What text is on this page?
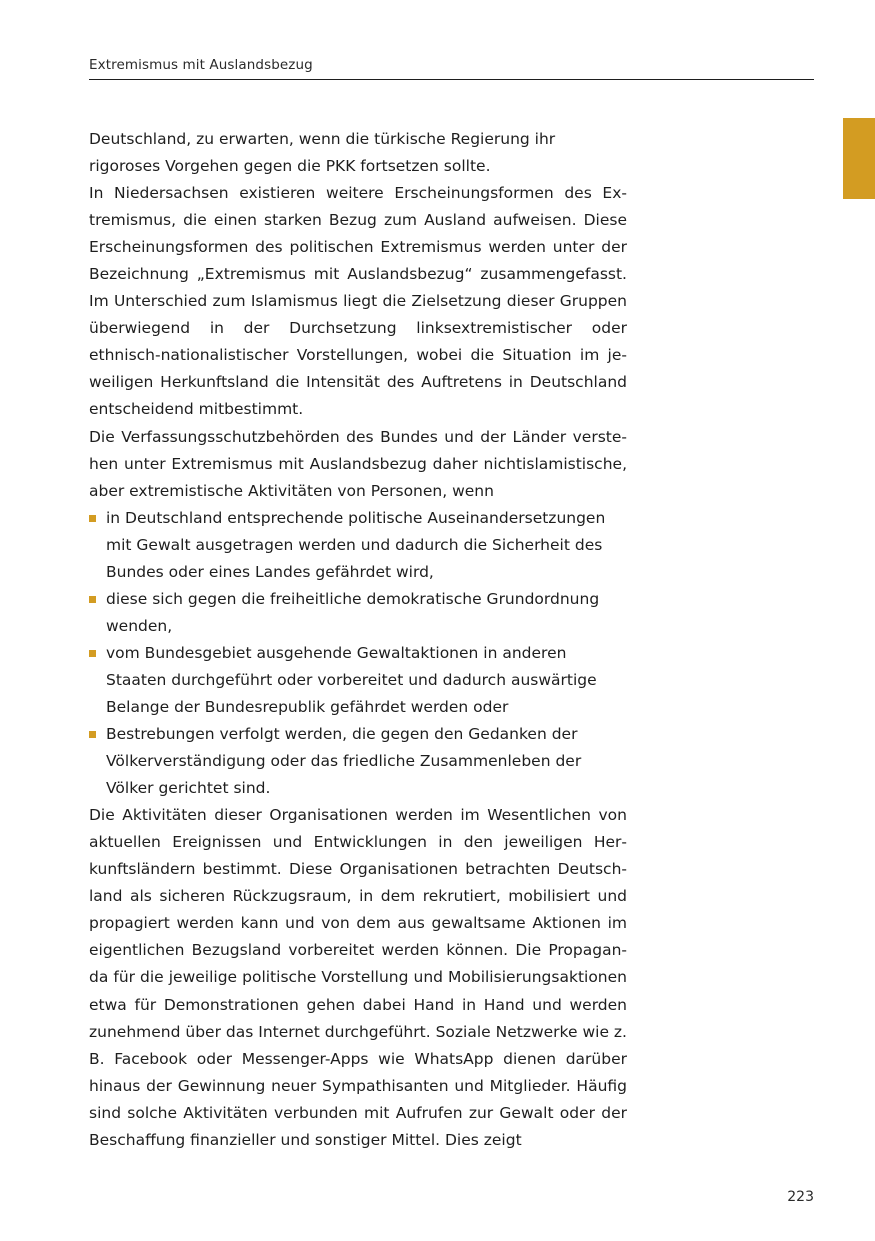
Extremismus mit Auslandsbezug

Deutschland, zu erwarten, wenn die türkische Regierung ihr rigoroses Vorgehen gegen die PKK fortsetzen sollte.

In Niedersachsen existieren weitere Erscheinungsformen des Extremismus, die einen starken Bezug zum Ausland aufweisen. Diese Erscheinungsformen des politischen Extremismus werden unter der Bezeichnung „Extremismus mit Auslandsbezug“ zusammengefasst. Im Unterschied zum Islamismus liegt die Zielsetzung dieser Gruppen überwiegend in der Durchsetzung linksextremistischer oder ethnisch-nationalistischer Vorstellungen, wobei die Situation im jeweiligen Herkunftsland die Intensität des Auftretens in Deutschland entscheidend mitbestimmt.

Die Verfassungsschutzbehörden des Bundes und der Länder verstehen unter Extremismus mit Auslandsbezug daher nichtislamistische, aber extremistische Aktivitäten von Personen, wenn

in Deutschland entsprechende politische Auseinandersetzungen mit Gewalt ausgetragen werden und dadurch die Sicherheit des Bundes oder eines Landes gefährdet wird,
diese sich gegen die freiheitliche demokratische Grundordnung wenden,
vom Bundesgebiet ausgehende Gewaltaktionen in anderen Staaten durchgeführt oder vorbereitet und dadurch auswärtige Belange der Bundesrepublik gefährdet werden oder
Bestrebungen verfolgt werden, die gegen den Gedanken der Völkerverständigung oder das friedliche Zusammenleben der Völker gerichtet sind.

Die Aktivitäten dieser Organisationen werden im Wesentlichen von aktuellen Ereignissen und Entwicklungen in den jeweiligen Herkunftsländern bestimmt. Diese Organisationen betrachten Deutschland als sicheren Rückzugsraum, in dem rekrutiert, mobilisiert und propagiert werden kann und von dem aus gewaltsame Aktionen im eigentlichen Bezugsland vorbereitet werden können. Die Propaganda für die jeweilige politische Vorstellung und Mobilisierungsaktionen etwa für Demonstrationen gehen dabei Hand in Hand und werden zunehmend über das Internet durchgeführt. Soziale Netzwerke wie z. B. Facebook oder Messenger-Apps wie WhatsApp dienen darüber hinaus der Gewinnung neuer Sympathisanten und Mitglieder. Häufig sind solche Aktivitäten verbunden mit Aufrufen zur Gewalt oder der Beschaffung finanzieller und sonstiger Mittel. Dies zeigt

223
